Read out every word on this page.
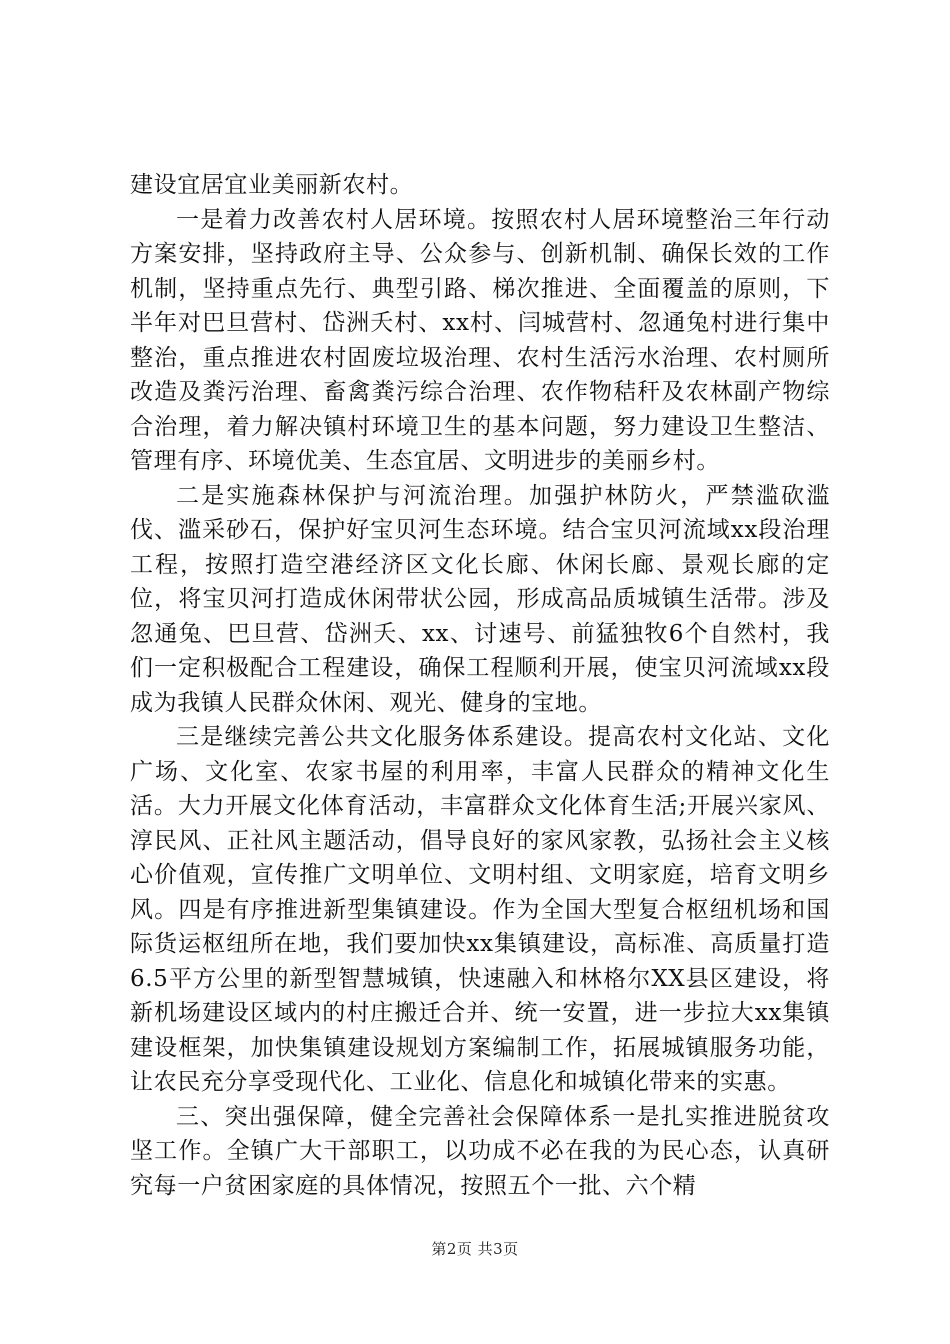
建设宜居宜业美丽新农村。

一是着力改善农村人居环境。按照农村人居环境整治三年行动方案安排，坚持政府主导、公众参与、创新机制、确保长效的工作机制，坚持重点先行、典型引路、梯次推进、全面覆盖的原则，下半年对巴旦营村、岱洲夭村、xx村、闫城营村、忽通兔村进行集中整治，重点推进农村固废垃圾治理、农村生活污水治理、农村厕所改造及粪污治理、畜禽粪污综合治理、农作物秸秆及农林副产物综合治理，着力解决镇村环境卫生的基本问题，努力建设卫生整洁、管理有序、环境优美、生态宜居、文明进步的美丽乡村。

二是实施森林保护与河流治理。加强护林防火，严禁滥砍滥伐、滥采砂石，保护好宝贝河生态环境。结合宝贝河流域xx段治理工程，按照打造空港经济区文化长廊、休闲长廊、景观长廊的定位，将宝贝河打造成休闲带状公园，形成高品质城镇生活带。涉及忽通兔、巴旦营、岱洲夭、xx、讨速号、前猛独牧6个自然村，我们一定积极配合工程建设，确保工程顺利开展，使宝贝河流域xx段成为我镇人民群众休闲、观光、健身的宝地。

三是继续完善公共文化服务体系建设。提高农村文化站、文化广场、文化室、农家书屋的利用率，丰富人民群众的精神文化生活。大力开展文化体育活动，丰富群众文化体育生活;开展兴家风、淳民风、正社风主题活动，倡导良好的家风家教，弘扬社会主义核心价值观，宣传推广文明单位、文明村组、文明家庭，培育文明乡风。四是有序推进新型集镇建设。作为全国大型复合枢纽机场和国际货运枢纽所在地，我们要加快xx集镇建设，高标准、高质量打造6.5平方公里的新型智慧城镇，快速融入和林格尔XX县区建设，将新机场建设区域内的村庄搬迁合并、统一安置，进一步拉大xx集镇建设框架，加快集镇建设规划方案编制工作，拓展城镇服务功能，让农民充分享受现代化、工业化、信息化和城镇化带来的实惠。

三、突出强保障，健全完善社会保障体系一是扎实推进脱贫攻坚工作。全镇广大干部职工，以功成不必在我的为民心态，认真研究每一户贫困家庭的具体情况，按照五个一批、六个精

第2页 共3页
